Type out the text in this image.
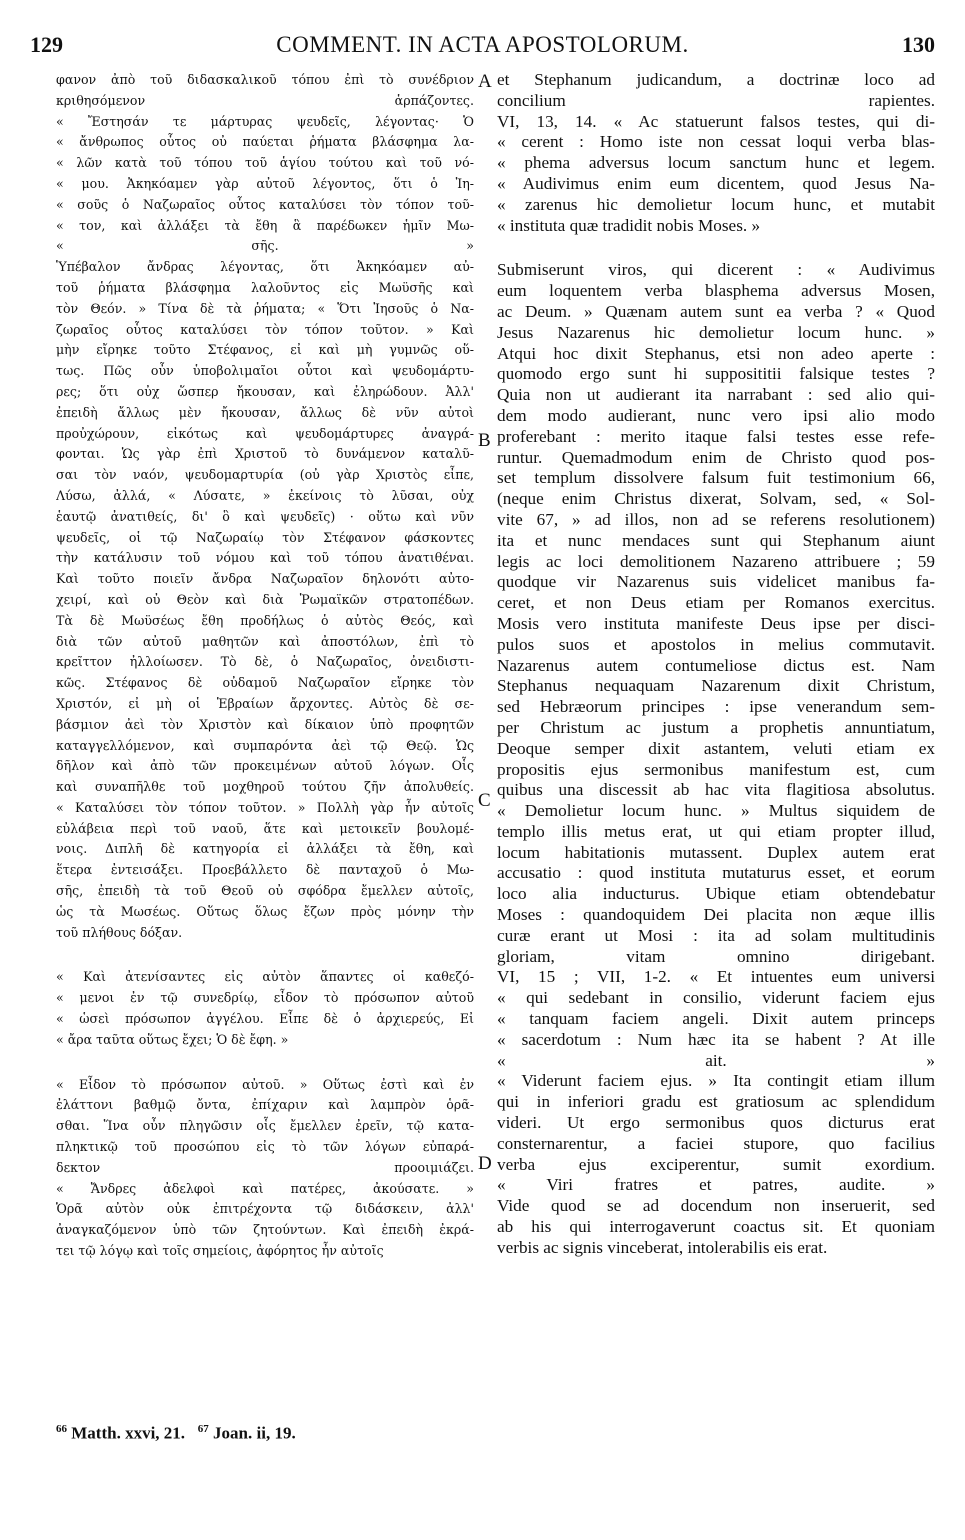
129	COMMENT. IN ACTA APOSTOLORUM.	130
φανον ἀπὸ τοῦ διδασκαλικοῦ τόπου ἐπὶ τὸ συνέδριον
κριθησόμενον ἁρπάζοντες.
« Ἔστησάν τε μάρτυρας ψευδεῖς, λέγοντας· Ὁ
« ἄνθρωπος οὗτος οὐ παύεται ῥήματα βλάσφημα λα-
« λῶν κατὰ τοῦ τόπου τοῦ ἁγίου τούτου καὶ τοῦ νό-
« μου. Ἀκηκόαμεν γὰρ αὐτοῦ λέγοντος, ὅτι ὁ Ἰη-
« σοῦς ὁ Ναζωραῖος οὗτος καταλύσει τὸν τόπον τοῦ-
« τον, καὶ ἀλλάξει τὰ ἔθη ἃ παρέδωκεν ἡμῖν Μω-
« σῆς. »
Ὑπέβαλον ἄνδρας λέγοντας, ὅτι Ἀκηκόαμεν αὐ-
τοῦ ῥήματα βλάσφημα λαλοῦντος εἰς Μωϋσῆς καὶ
τὸν Θεόν. » Τίνα δὲ τὰ ῥήματα; « Ὅτι Ἰησοῦς ὁ Να-
ζωραῖος οὗτος καταλύσει τὸν τόπον τοῦτον. » Καὶ
μὴν εἴρηκε τοῦτο Στέφανος, εἰ καὶ μὴ γυμνῶς οὕ-
τως. Πῶς οὖν ὑποβολιμαῖοι οὗτοι καὶ ψευδομάρτυ-
ρες; ὅτι οὐχ ὥσπερ ἤκουσαν, καὶ ἐληρώδουν. Ἀλλ'
ἐπειδὴ ἄλλως μὲν ἤκουσαν, ἄλλως δὲ νῦν αὐτοὶ
προὐχώρουν, εἰκότως καὶ ψευδομάρτυρες ἀναγρά-
φονται. Ὡς γὰρ ἐπὶ Χριστοῦ τὸ δυνάμενον καταλῦ-
σαι τὸν ναόν, ψευδομαρτυρία (οὐ γὰρ Χριστὸς εἶπε,
Λύσω, ἀλλά, « Λύσατε, » ἐκείνοις τὸ λῦσαι, οὐχ
ἑαυτῷ ἀνατιθείς, δι' ὃ καὶ ψευδεῖς) · οὕτω καὶ νῦν
ψευδεῖς, οἱ τῷ Ναζωραίῳ τὸν Στέφανον φάσκοντες
τὴν κατάλυσιν τοῦ νόμου καὶ τοῦ τόπου ἀνατιθέναι.
Καὶ τοῦτο ποιεῖν ἄνδρα Ναζωραῖον δηλονότι αὐτο-
χειρί, καὶ οὐ Θεὸν καὶ διὰ Ῥωμαϊκῶν στρατοπέδων.
Τὰ δὲ Μωϋσέως ἔθη προδήλως ὁ αὐτὸς Θεός, καὶ
διὰ τῶν αὐτοῦ μαθητῶν καὶ ἀποστόλων, ἐπὶ τὸ
κρεῖττον ἠλλοίωσεν. Τὸ δὲ, ὁ Ναζωραῖος, ὀνειδιστι-
κῶς. Στέφανος δὲ οὐδαμοῦ Ναζωραῖον εἴρηκε τὸν
Χριστόν, εἰ μὴ οἱ Ἑβραίων ἄρχοντες. Αὐτὸς δὲ σε-
βάσμιον ἀεὶ τὸν Χριστὸν καὶ δίκαιον ὑπὸ προφητῶν
καταγγελλόμενον, καὶ συμπαρόντα ἀεὶ τῷ Θεῷ. Ὡς
δῆλον καὶ ἀπὸ τῶν προκειμένων αὐτοῦ λόγων. Οἷς
καὶ συναπῆλθε τοῦ μοχθηροῦ τούτου ζῆν ἀπολυθείς.
« Καταλύσει τὸν τόπον τοῦτον. » Πολλὴ γὰρ ἦν αὐτοῖς
εὐλάβεια περὶ τοῦ ναοῦ, ἅτε καὶ μετοικεῖν βουλομέ-
νοις. Διπλῆ δὲ κατηγορία εἰ ἀλλάξει τὰ ἔθη, καὶ
ἕτερα ἐντεισάξει. Προεβάλλετο δὲ πανταχοῦ ὁ Μω-
σῆς, ἐπειδὴ τὰ τοῦ Θεοῦ οὐ σφόδρα ἔμελλεν αὐτοῖς,
ὡς τὰ Μωσέως. Οὕτως ὅλως ἔζων πρὸς μόνην τὴν
τοῦ πλήθους δόξαν.
« Καὶ ἀτενίσαντες εἰς αὐτὸν ἅπαντες οἱ καθεζό-
« μενοι ἐν τῷ συνεδρίῳ, εἶδον τὸ πρόσωπον αὐτοῦ
« ὡσεὶ πρόσωπον ἀγγέλου. Εἶπε δὲ ὁ ἀρχιερεύς, Εἰ
« ἄρα ταῦτα οὕτως ἔχει; Ὁ δὲ ἔφη. »
« Εἶδον τὸ πρόσωπον αὐτοῦ. » Οὕτως ἐστὶ καὶ ἐν
ἐλάττονι βαθμῷ ὄντα, ἐπίχαριν καὶ λαμπρὸν ὁρᾶ-
σθαι. Ἵνα οὖν πληγῶσιν οἷς ἔμελλεν ἐρεῖν, τῷ κατα-
πληκτικῷ τοῦ προσώπου εἰς τὸ τῶν λόγων εὐπαρά-
δεκτον προοιμιάζει.
« Ἄνδρες ἀδελφοὶ καὶ πατέρες, ἀκούσατε. »
Ὁρᾶ αὐτὸν οὐκ ἐπιτρέχοντα τῷ διδάσκειν, ἀλλ'
ἀναγκαζόμενον ὑπὸ τῶν ζητούντων. Καὶ ἐπειδὴ ἐκρά-
τει τῷ λόγῳ καὶ τοῖς σημείοις, ἀφόρητος ἦν αὐτοῖς
et Stephanum judicandum, a doctrinæ loco ad
concilium rapientes.
VI, 13, 14. « Ac statuerunt falsos testes, qui di-
« cerent : Homo iste non cessat loqui verba blas-
« phema adversus locum sanctum hunc et legem.
« Audivimus enim eum dicentem, quod Jesus Na-
« zarenus hic demolietur locum hunc, et mutabit
« instituta quæ tradidit nobis Moses. »
Submiserunt viros, qui dicerent : « Audivimus
eum loquentem verba blasphema adversus Mosen,
ac Deum. » Quænam autem sunt ea verba ? « Quod
Jesus Nazarenus hic demolietur locum hunc. »
Atqui hoc dixit Stephanus, etsi non adeo aperte :
quomodo ergo sunt hi supposititii falsique testes ?
Quia non ut audierant ita narrabant : sed alio qui-
dem modo audierant, nunc vero ipsi alio modo
proferebant : merito itaque falsi testes esse refe-
runtur. Quemadmodum enim de Christo quod pos-
set templum dissolvere falsum fuit testimonium 66,
(neque enim Christus dixerat, Solvam, sed, « Sol-
vite 67, » ad illos, non ad se referens resolutionem)
ita et nunc mendaces sunt qui Stephanum aiunt
legis ac loci demolitionem Nazareno attribuere ; 59
quodque vir Nazarenus suis videlicet manibus fa-
ceret, et non Deus etiam per Romanos exercitus.
Mosis vero instituta manifeste Deus ipse per disci-
pulos suos et apostolos in melius commutavit.
Nazarenus autem contumeliose dictus est. Nam
Stephanus nequaquam Nazarenum dixit Christum,
sed Hebræorum principes : ipse venerandum sem-
per Christum ac justum a prophetis annuntiatum,
Deoque semper dixit astantem, veluti etiam ex
propositis ejus sermonibus manifestum est, cum
quibus una discessit ab hac vita flagitiosa absolutus.
« Demolietur locum hunc. » Multus siquidem de
templo illis metus erat, ut qui etiam propter illud,
locum habitationis mutassent. Duplex autem erat
accusatio : quod instituta mutaturus esset, et eorum
loco alia inducturus. Ubique etiam obtendebatur
Moses : quandoquidem Dei placita non æque illis
curæ erant ut Mosi : ita ad solam multitudinis
gloriam, vitam omnino dirigebant.
VI, 15 ; VII, 1-2. « Et intuentes eum universi
« qui sedebant in consilio, viderunt faciem ejus
« tanquam faciem angeli. Dixit autem princeps
« sacerdotum : Num hæc ita se habent ? At ille
« ait. »
« Viderunt faciem ejus. » Ita contingit etiam illum
qui in inferiori gradu est gratiosum ac splendidum
videri. Ut ergo sermonibus quos dicturus erat
consternarentur, a faciei stupore, quo facilius
verba ejus exciperentur, sumit exordium.
« Viri fratres et patres, audite. »
Vide quod se ad docendum non inseruerit, sed
ab his qui interrogaverunt coactus sit. Et quoniam
verbis ac signis vinceberat, intolerabilis eis erat.
A
B
C
D
$^{66}$ Matth. xxvi, 21. $^{67}$ Joan. ii, 19.
